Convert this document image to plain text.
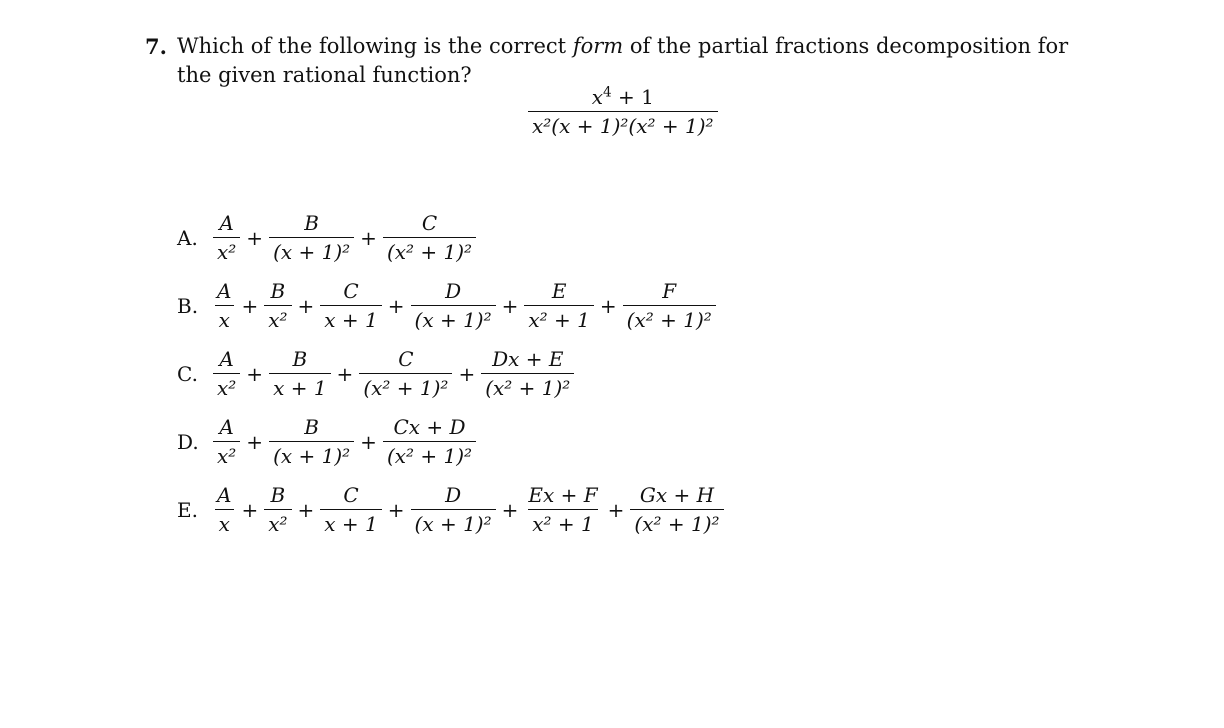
7. Which of the following is the correct form of the partial fractions decomposition for the given rational function?
$\frac{x^4 + 1}{\text{x²(x + 1)²(x² + 1)²}}$
A. $\frac{A}{\text{x²}} + \frac{B}{\text{(x + 1)²}} + \frac{C}{\text{(x² + 1)²}}$
B. $\frac{A}{x} + \frac{B}{\text{x²}} + \frac{C}{x + 1} + \frac{D}{\text{(x + 1)²}} + \frac{E}{\text{x² + 1}} + \frac{F}{\text{(x² + 1)²}}$
C. $\frac{A}{\text{x²}} + \frac{B}{x + 1} + \frac{C}{\text{(x² + 1)²}} + \frac{Dx + E}{\text{(x² + 1)²}}$
D. $\frac{A}{\text{x²}} + \frac{B}{\text{(x + 1)²}} + \frac{Cx + D}{\text{(x² + 1)²}}$
E. $\frac{A}{x} + \frac{B}{\text{x²}} + \frac{C}{x + 1} + \frac{D}{\text{(x + 1)²}} + \frac{Ex + F}{\text{x² + 1}} + \frac{Gx + H}{\text{(x² + 1)²}}$
